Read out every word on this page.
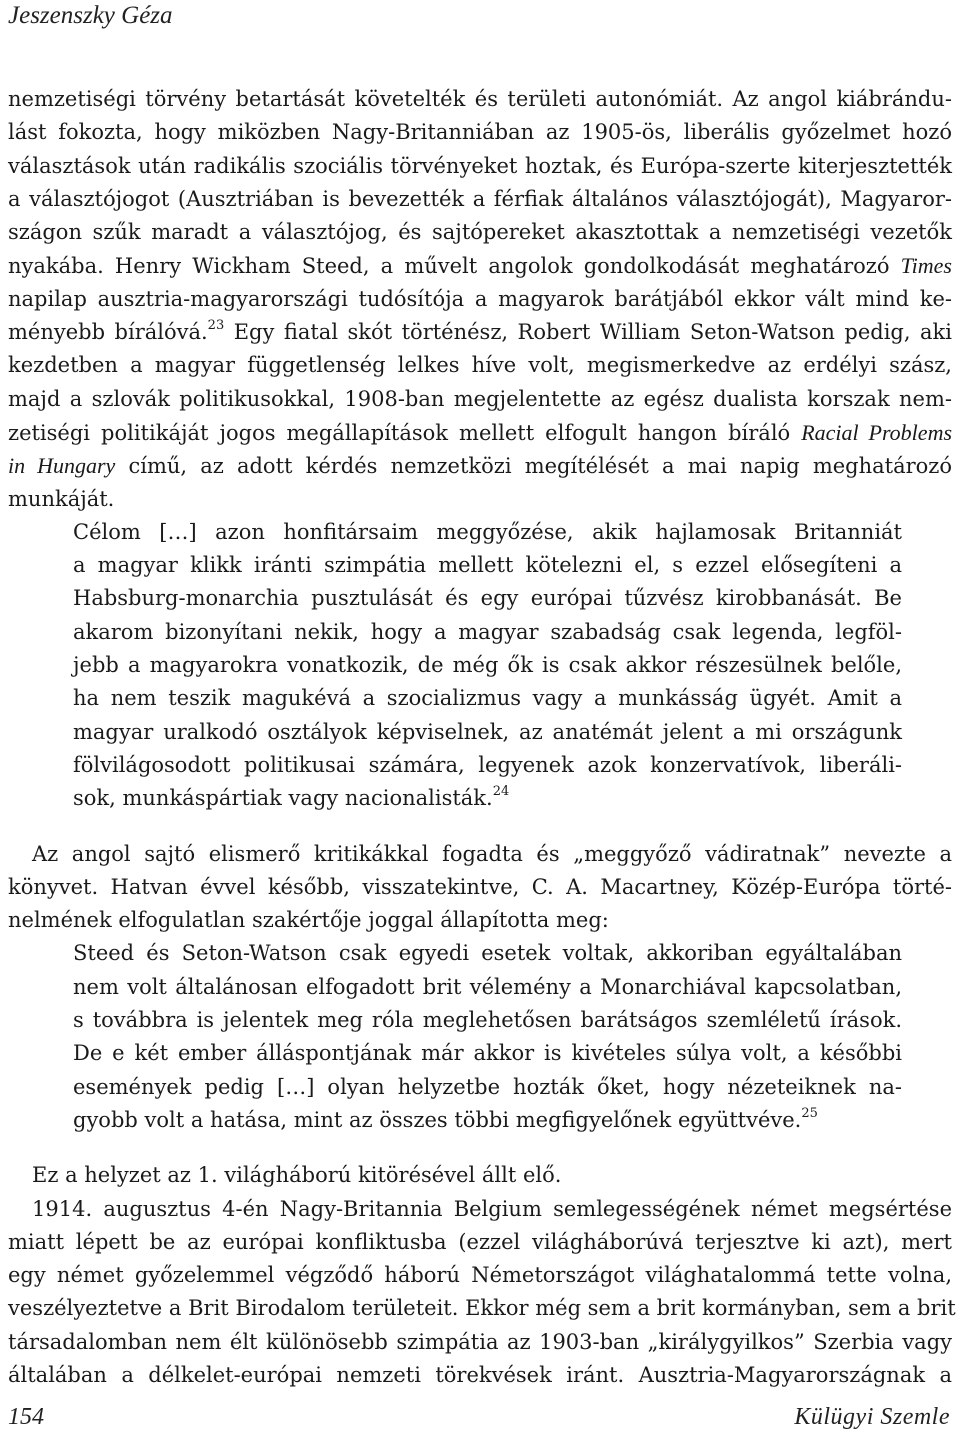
Jeszenszky Géza
nemzetiségi törvény betartását követelték és területi autonómiát. Az angol kiábrándu-
lást fokozta, hogy miközben Nagy-Britanniában az 1905-ös, liberális győzelmet hozó
választások után radikális szociális törvényeket hoztak, és Európa-szerte kiterjesztették
a választójogot (Ausztriában is bevezették a férfiak általános választójogát), Magyaror-
szágon szűk maradt a választójog, és sajtópereket akasztottak a nemzetiségi vezetők
nyakába. Henry Wickham Steed, a művelt angolok gondolkodását meghatározó Times
napilap ausztria-magyarországi tudósítója a magyarok barátjából ekkor vált mind ke-
ményebb bírálóvá.$^{23}$ Egy fiatal skót történész, Robert William Seton-Watson pedig, aki
kezdetben a magyar függetlenség lelkes híve volt, megismerkedve az erdélyi szász,
majd a szlovák politikusokkal, 1908-ban megjelentette az egész dualista korszak nem-
zetiségi politikáját jogos megállapítások mellett elfogult hangon bíráló Racial Problems
in Hungary című, az adott kérdés nemzetközi megítélését a mai napig meghatározó
munkáját.
Célom […] azon honfitársaim meggyőzése, akik hajlamosak Britanniát
a magyar klikk iránti szimpátia mellett kötelezni el, s ezzel elősegíteni a
Habsburg-monarchia pusztulását és egy európai tűzvész kirobbanását. Be
akarom bizonyítani nekik, hogy a magyar szabadság csak legenda, legföl-
jebb a magyarokra vonatkozik, de még ők is csak akkor részesülnek belőle,
ha nem teszik magukévá a szocializmus vagy a munkásság ügyét. Amit a
magyar uralkodó osztályok képviselnek, az anatémát jelent a mi országunk
fölvilágosodott politikusai számára, legyenek azok konzervatívok, liberáli-
sok, munkáspártiak vagy nacionalisták.$^{24}$
Az angol sajtó elismerő kritikákkal fogadta és „meggyőző vádiratnak” nevezte a
könyvet. Hatvan évvel később, visszatekintve, C. A. Macartney, Közép-Európa törté-
nelmének elfogulatlan szakértője joggal állapította meg:
Steed és Seton-Watson csak egyedi esetek voltak, akkoriban egyáltalában
nem volt általánosan elfogadott brit vélemény a Monarchiával kapcsolatban,
s továbbra is jelentek meg róla meglehetősen barátságos szemléletű írások.
De e két ember álláspontjának már akkor is kivételes súlya volt, a későbbi
események pedig […] olyan helyzetbe hozták őket, hogy nézeteiknek na-
gyobb volt a hatása, mint az összes többi megfigyelőnek együttvéve.$^{25}$
Ez a helyzet az 1. világháború kitörésével állt elő.
1914. augusztus 4-én Nagy-Britannia Belgium semlegességének német megsértése
miatt lépett be az európai konfliktusba (ezzel világháborúvá terjesztve ki azt), mert
egy német győzelemmel végződő háború Németországot világhatalommá tette volna,
veszélyeztetve a Brit Birodalom területeit. Ekkor még sem a brit kormányban, sem a brit
társadalomban nem élt különösebb szimpátia az 1903-ban „királygyilkos” Szerbia vagy
általában a délkelet-európai nemzeti törekvések iránt. Ausztria-Magyarországnak a
154	Külügyi Szemle
